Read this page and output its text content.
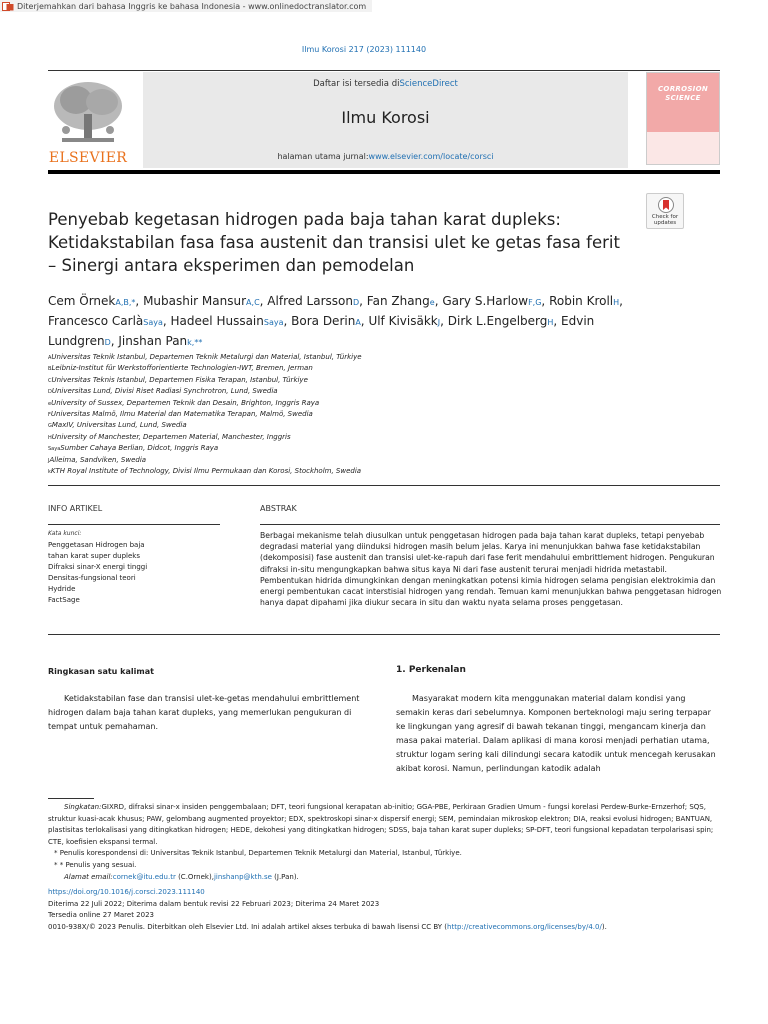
Diterjemahkan dari bahasa Inggris ke bahasa Indonesia - www.onlinedoctranslator.com
Ilmu Korosi 217 (2023) 111140
ELSEVIER
Daftar isi tersedia diScienceDirect
Ilmu Korosi
halaman utama jurnal:www.elsevier.com/locate/corsci
CORROSION
SCIENCE
Check for
updates
Penyebab kegetasan hidrogen pada baja tahan karat dupleks: Ketidakstabilan fasa fasa austenit dan transisi ulet ke getas fasa ferit – Sinergi antara eksperimen dan pemodelan
Cem ÖrnekA,B,*, Mubashir MansurA,C, Alfred LarssonD, Fan Zhange, Gary S.HarlowF,G, Robin KrollH, Francesco CarlàSaya, Hadeel HussainSaya, Bora DerinA, Ulf KivisäkkJ, Dirk L.EngelbergH, Edvin LundgrenD, Jinshan Pank,**
AUniversitas Teknik Istanbul, Departemen Teknik Metalurgi dan Material, Istanbul, Türkiye
BLeibniz-Institut für Werkstofforientierte Technologien-IWT, Bremen, Jerman
CUniversitas Teknis Istanbul, Departemen Fisika Terapan, Istanbul, Türkiye
DUniversitas Lund, Divisi Riset Radiasi Synchrotron, Lund, Swedia
eUniversity of Sussex, Departemen Teknik dan Desain, Brighton, Inggris Raya
FUniversitas Malmö, Ilmu Material dan Matematika Terapan, Malmö, Swedia
GMaxIV, Universitas Lund, Lund, Swedia
HUniversity of Manchester, Departemen Material, Manchester, Inggris
SayaSumber Cahaya Berlian, Didcot, Inggris Raya
JAlleima, Sandviken, Swedia
kKTH Royal Institute of Technology, Divisi Ilmu Permukaan dan Korosi, Stockholm, Swedia
INFO ARTIKEL
Kata kunci:
Penggetasan Hidrogen baja
tahan karat super dupleks
Difraksi sinar-X energi tinggi
Densitas-fungsional teori
Hydride
FactSage
ABSTRAK
Berbagai mekanisme telah diusulkan untuk penggetasan hidrogen pada baja tahan karat dupleks, tetapi penyebab degradasi material yang diinduksi hidrogen masih belum jelas. Karya ini menunjukkan bahwa fase ketidakstabilan (dekomposisi) fase austenit dan transisi ulet-ke-rapuh dari fase ferit mendahului embrittlement hidrogen. Pengukuran difraksi in-situ mengungkapkan bahwa situs kaya Ni dari fase austenit terurai menjadi hidrida metastabil. Pembentukan hidrida dimungkinkan dengan meningkatkan potensi kimia hidrogen selama pengisian elektrokimia dan energi pembentukan cacat interstisial hidrogen yang rendah. Temuan kami menunjukkan bahwa penggetasan hidrogen hanya dapat dipahami jika diukur secara in situ dan waktu nyata selama proses penggetasan.
Ringkasan satu kalimat
Ketidakstabilan fase dan transisi ulet-ke-getas mendahului embrittlement hidrogen dalam baja tahan karat dupleks, yang memerlukan pengukuran di tempat untuk pemahaman.
1. Perkenalan
Masyarakat modern kita menggunakan material dalam kondisi yang semakin keras dari sebelumnya. Komponen berteknologi maju sering terpapar ke lingkungan yang agresif di bawah tekanan tinggi, mengancam kinerja dan masa pakai material. Dalam aplikasi di mana korosi menjadi perhatian utama, struktur logam sering kali dilindungi secara katodik untuk mencegah kerusakan akibat korosi. Namun, perlindungan katodik adalah

Singkatan:GIXRD, difraksi sinar-x insiden penggembalaan; DFT, teori fungsional kerapatan ab-initio; GGA-PBE, Perkiraan Gradien Umum - fungsi korelasi Perdew-Burke-Ernzerhof; SQS, struktur kuasi-acak khusus; PAW, gelombang augmented proyektor; EDX, spektroskopi sinar-x dispersif energi; SEM, pemindaian mikroskop elektron; DIA, reaksi evolusi hidrogen; BANTUAN, plastisitas terlokalisasi yang ditingkatkan hidrogen; HEDE, dekohesi yang ditingkatkan hidrogen; SDSS, baja tahan karat super dupleks; SP-DFT, teori fungsional kepadatan terpolarisasi spin; CTE, koefisien ekspansi termal.

* Penulis korespondensi di: Universitas Teknik Istanbul, Departemen Teknik Metalurgi dan Material, Istanbul, Türkiye.

* * Penulis yang sesuai.

Alamat email:cornek@itu.edu.tr (C.Ornek),jinshanp@kth.se (J.Pan).

https://doi.org/10.1016/j.corsci.2023.111140

Diterima 22 Juli 2022; Diterima dalam bentuk revisi 22 Februari 2023; Diterima 24 Maret 2023

Tersedia online 27 Maret 2023

0010-938X/© 2023 Penulis. Diterbitkan oleh Elsevier Ltd. Ini adalah artikel akses terbuka di bawah lisensi CC BY (http://creativecommons.org/licenses/by/4.0/).
